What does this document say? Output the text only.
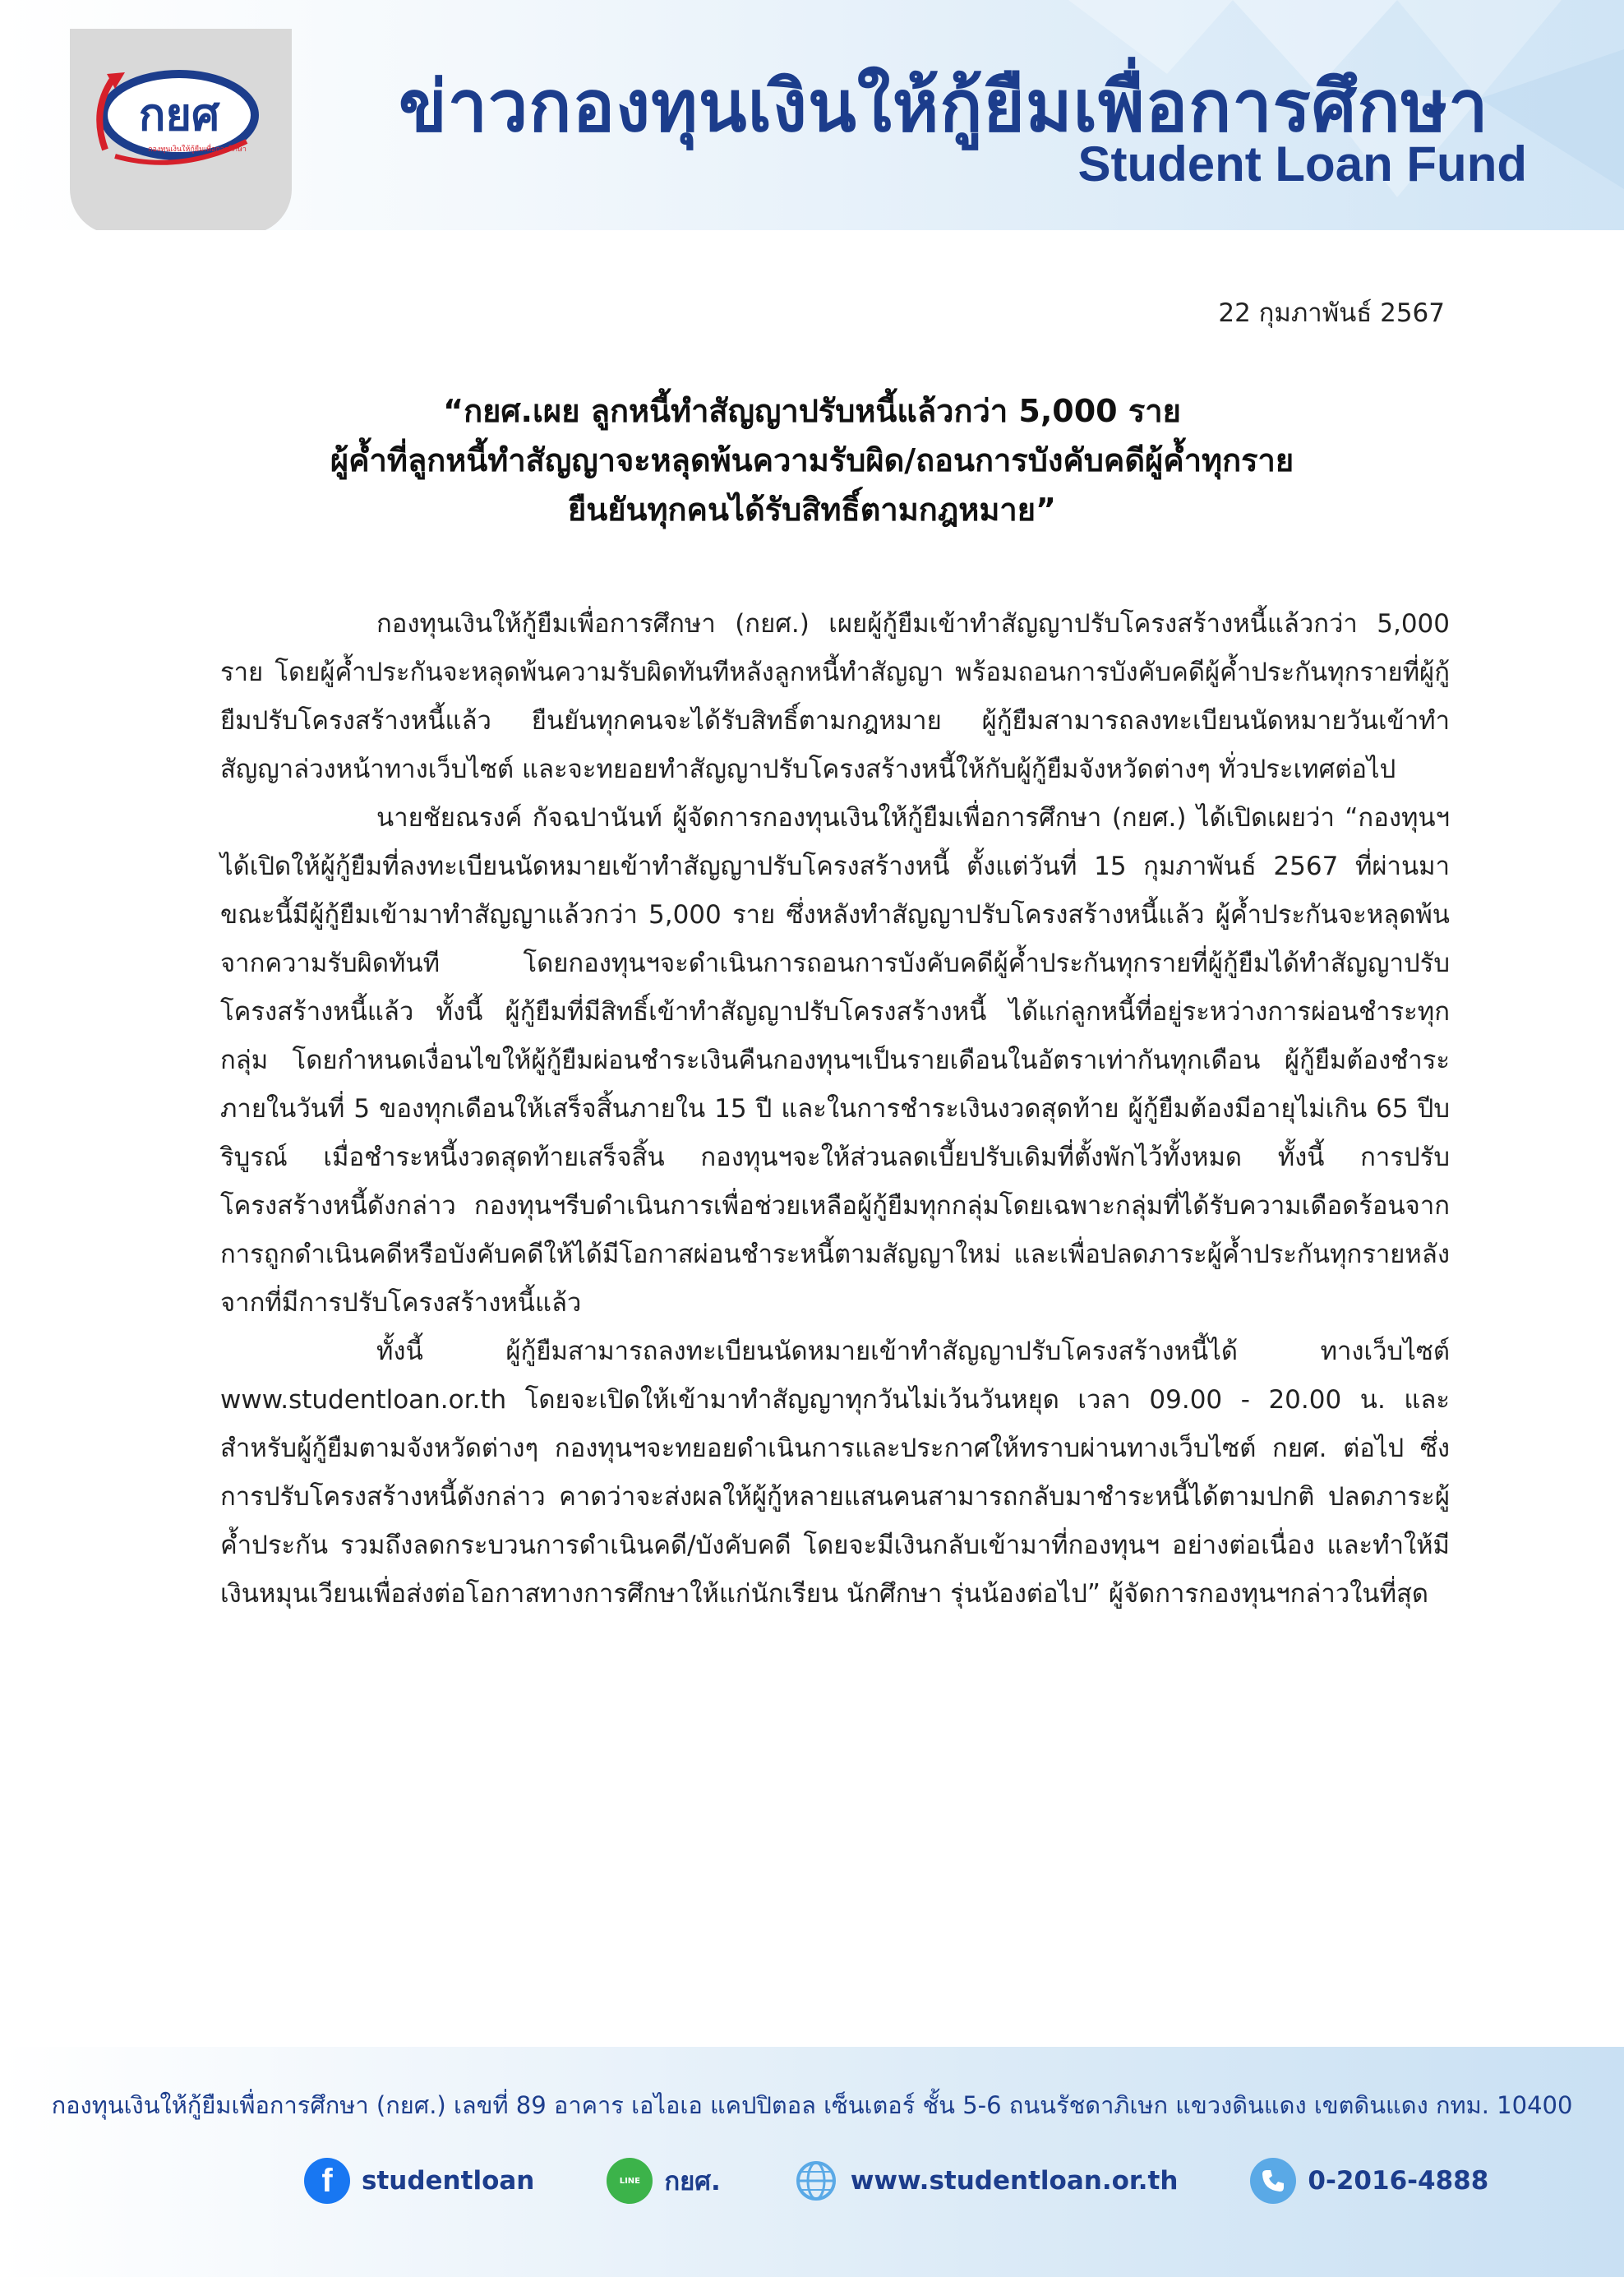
กยศ
กองทุนเงินให้กู้ยืมเพื่อการศึกษา
ข่าวกองทุนเงินให้กู้ยืมเพื่อการศึกษา
Student Loan Fund
22 กุมภาพันธ์ 2567
“กยศ.เผย ลูกหนี้ทำสัญญาปรับหนี้แล้วกว่า 5,000 ราย
ผู้ค้ำที่ลูกหนี้ทำสัญญาจะหลุดพ้นความรับผิด/ถอนการบังคับคดีผู้ค้ำทุกราย
ยืนยันทุกคนได้รับสิทธิ์ตามกฎหมาย”

กองทุนเงินให้กู้ยืมเพื่อการศึกษา (กยศ.) เผยผู้กู้ยืมเข้าทำสัญญาปรับโครงสร้างหนี้แล้วกว่า 5,000 ราย โดยผู้ค้ำประกันจะหลุดพ้นความรับผิดทันทีหลังลูกหนี้ทำสัญญา พร้อมถอนการบังคับคดีผู้ค้ำประกันทุกรายที่ผู้กู้ยืมปรับโครงสร้างหนี้แล้ว ยืนยันทุกคนจะได้รับสิทธิ์ตามกฎหมาย ผู้กู้ยืมสามารถลงทะเบียนนัดหมายวันเข้าทำสัญญาล่วงหน้าทางเว็บไซต์ และจะทยอยทำสัญญาปรับโครงสร้างหนี้ให้กับผู้กู้ยืมจังหวัดต่างๆ ทั่วประเทศต่อไป

นายชัยณรงค์ กัจฉปานันท์ ผู้จัดการกองทุนเงินให้กู้ยืมเพื่อการศึกษา (กยศ.) ได้เปิดเผยว่า “กองทุนฯได้เปิดให้ผู้กู้ยืมที่ลงทะเบียนนัดหมายเข้าทำสัญญาปรับโครงสร้างหนี้ ตั้งแต่วันที่ 15 กุมภาพันธ์ 2567 ที่ผ่านมา ขณะนี้มีผู้กู้ยืมเข้ามาทำสัญญาแล้วกว่า 5,000 ราย ซึ่งหลังทำสัญญาปรับโครงสร้างหนี้แล้ว ผู้ค้ำประกันจะหลุดพ้นจากความรับผิดทันที โดยกองทุนฯจะดำเนินการถอนการบังคับคดีผู้ค้ำประกันทุกรายที่ผู้กู้ยืมได้ทำสัญญาปรับโครงสร้างหนี้แล้ว ทั้งนี้ ผู้กู้ยืมที่มีสิทธิ์เข้าทำสัญญาปรับโครงสร้างหนี้ ได้แก่ลูกหนี้ที่อยู่ระหว่างการผ่อนชำระทุกกลุ่ม โดยกำหนดเงื่อนไขให้ผู้กู้ยืมผ่อนชำระเงินคืนกองทุนฯเป็นรายเดือนในอัตราเท่ากันทุกเดือน ผู้กู้ยืมต้องชำระภายในวันที่ 5 ของทุกเดือนให้เสร็จสิ้นภายใน 15 ปี และในการชำระเงินงวดสุดท้าย ผู้กู้ยืมต้องมีอายุไม่เกิน 65 ปีบริบูรณ์ เมื่อชำระหนี้งวดสุดท้ายเสร็จสิ้น กองทุนฯจะให้ส่วนลดเบี้ยปรับเดิมที่ตั้งพักไว้ทั้งหมด ทั้งนี้ การปรับโครงสร้างหนี้ดังกล่าว กองทุนฯรีบดำเนินการเพื่อช่วยเหลือผู้กู้ยืมทุกกลุ่มโดยเฉพาะกลุ่มที่ได้รับความเดือดร้อนจากการถูกดำเนินคดีหรือบังคับคดีให้ได้มีโอกาสผ่อนชำระหนี้ตามสัญญาใหม่ และเพื่อปลดภาระผู้ค้ำประกันทุกรายหลังจากที่มีการปรับโครงสร้างหนี้แล้ว

ทั้งนี้ ผู้กู้ยืมสามารถลงทะเบียนนัดหมายเข้าทำสัญญาปรับโครงสร้างหนี้ได้ ทางเว็บไซต์ www.studentloan.or.th โดยจะเปิดให้เข้ามาทำสัญญาทุกวันไม่เว้นวันหยุด เวลา 09.00 - 20.00 น. และสำหรับผู้กู้ยืมตามจังหวัดต่างๆ กองทุนฯจะทยอยดำเนินการและประกาศให้ทราบผ่านทางเว็บไซต์ กยศ. ต่อไป ซึ่งการปรับโครงสร้างหนี้ดังกล่าว คาดว่าจะส่งผลให้ผู้กู้หลายแสนคนสามารถกลับมาชำระหนี้ได้ตามปกติ ปลดภาระผู้ค้ำประกัน รวมถึงลดกระบวนการดำเนินคดี/บังคับคดี โดยจะมีเงินกลับเข้ามาที่กองทุนฯ อย่างต่อเนื่อง และทำให้มีเงินหมุนเวียนเพื่อส่งต่อโอกาสทางการศึกษาให้แก่นักเรียน นักศึกษา รุ่นน้องต่อไป” ผู้จัดการกองทุนฯกล่าวในที่สุด

กองทุนเงินให้กู้ยืมเพื่อการศึกษา (กยศ.) เลขที่ 89 อาคาร เอไอเอ แคปปิตอล เซ็นเตอร์ ชั้น 5-6 ถนนรัชดาภิเษก แขวงดินแดง เขตดินแดง กทม. 10400
f	studentloan	LINE กยศ.	www.studentloan.or.th	0-2016-4888
